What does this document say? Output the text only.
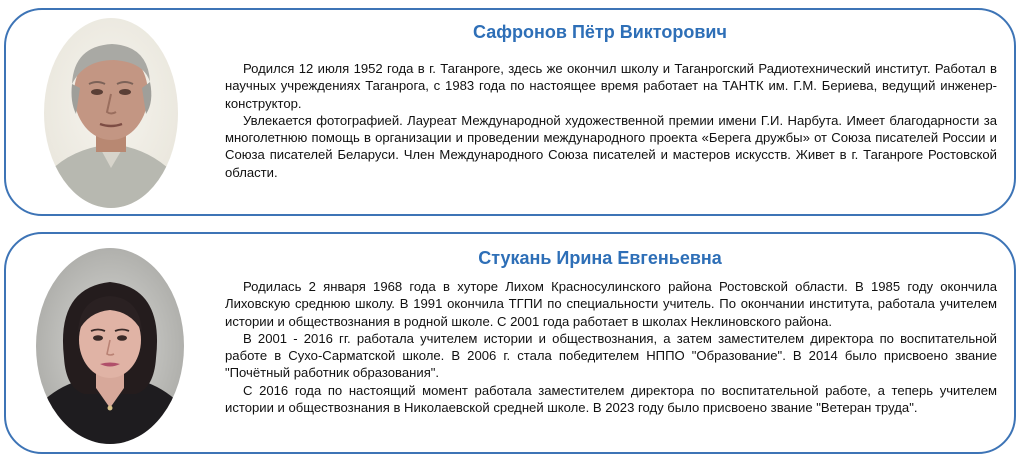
Сафронов Пётр Викторович

Родился 12 июля 1952 года в г. Таганроге, здесь же окончил школу и Таганрогский Радиотехнический институт. Работал в научных учреждениях Таганрога, с 1983 года по настоящее время работает на ТАНТК им. Г.М. Бериева, ведущий инженер-конструктор.

Увлекается фотографией. Лауреат Международной художественной премии имени Г.И. Нарбута. Имеет благодарности за многолетнюю помощь в организации и проведении международного проекта «Берега дружбы» от Союза писателей России и Союза писателей Беларуси. Член Международного Союза писателей и мастеров искусств. Живет в г. Таганроге Ростовской области.

Стукань Ирина Евгеньевна

Родилась 2 января 1968 года в хуторе Лихом Красносулинского района Ростовской области. В 1985 году окончила Лиховскую среднюю школу. В 1991 окончила ТГПИ по специальности учитель. По окончании института, работала учителем истории и обществознания в родной школе. С 2001 года работает в школах Неклиновского района.

В 2001 - 2016 гг. работала учителем истории и обществознания, а затем заместителем директора по воспитательной работе в Сухо-Сарматской школе. В 2006 г. стала победителем НППО "Образование". В 2014 было присвоено звание "Почётный работник образования".

С 2016 года по настоящий момент работала заместителем директора по воспитательной работе, а теперь учителем истории и обществознания в Николаевской средней школе. В 2023 году было присвоено звание "Ветеран труда".
